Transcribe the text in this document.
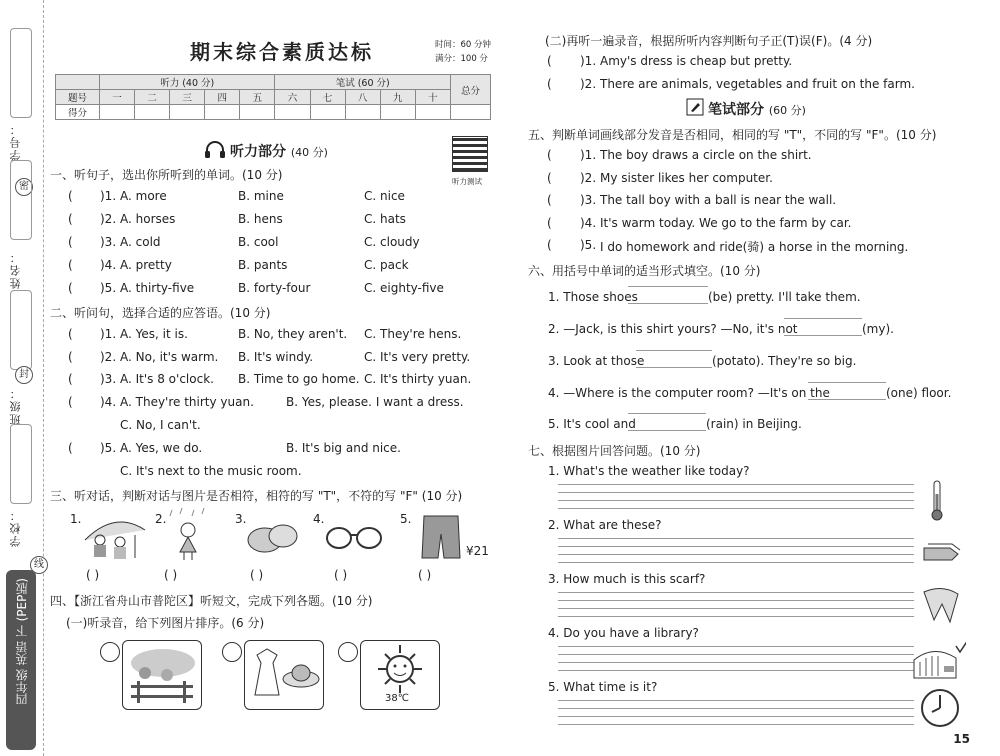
学号：
密
姓名：
封
班级：
学校：
线
四年级 英语 下 (PEP版)
期末综合素质达标	时间：60 分钟
满分：100 分
	听力 (40 分)					笔试 (60 分)					总分
题号	一	二	三	四	五	六	七	八	九	十	
得分											
听力部分 (40 分)
听力测试
一、听句子，选出你所听到的单词。(10 分)
( )1. A. more	B. mine	C. nice
( )2. A. horses	B. hens	C. hats
( )3. A. cold	B. cool	C. cloudy
( )4. A. pretty	B. pants	C. pack
( )5. A. thirty-five	B. forty-four	C. eighty-five
二、听问句，选择合适的应答语。(10 分)
( )1. A. Yes, it is.	B. No, they aren't. C. They're hens.
( )2. A. No, it's warm. B. It's windy.	C. It's very pretty.
( )3. A. It's 8 o'clock. B. Time to go home. C. It's thirty yuan.
( )4. A. They're thirty yuan.	B. Yes, please. I want a dress.
C. No, I can't.
( )5. A. Yes, we do.	B. It's big and nice.
C. It's next to the music room.
三、听对话，判断对话与图片是否相符，相符的写 "T"，不符的写 "F" (10 分)
1.	2.	3.	4.	5.
¥21
( )	( )	( )	( )	( )
四、【浙江省舟山市普陀区】听短文，完成下列各题。(10 分)
(一)听录音，给下列图片排序。(6 分)
38℃
(二)再听一遍录音，根据所听内容判断句子正(T)误(F)。(4 分)
( )1. Amy's dress is cheap but pretty.
( )2. There are animals, vegetables and fruit on the farm.
笔试部分 (60 分)
五、判断单词画线部分发音是否相同，相同的写 "T"，不同的写 "F"。(10 分)
( )1. The boy draws a circle on the shirt.
( )2. My sister likes her computer.
( )3. The tall boy with a ball is near the wall.
( )4. It's warm today. We go to the farm by car.
( )5. I do homework and ride(骑) a horse in the morning.
六、用括号中单词的适当形式填空。(10 分)
1. Those shoes	(be) pretty. I'll take them.
2. —Jack, is this shirt yours? —No, it's not	(my).
3. Look at those	(potato). They're so big.
4. —Where is the computer room? —It's on the	(one) floor.
5. It's cool and	(rain) in Beijing.
七、根据图片回答问题。(10 分)
1. What's the weather like today?
2. What are these?
3. How much is this scarf?
4. Do you have a library?
5. What time is it?
15
